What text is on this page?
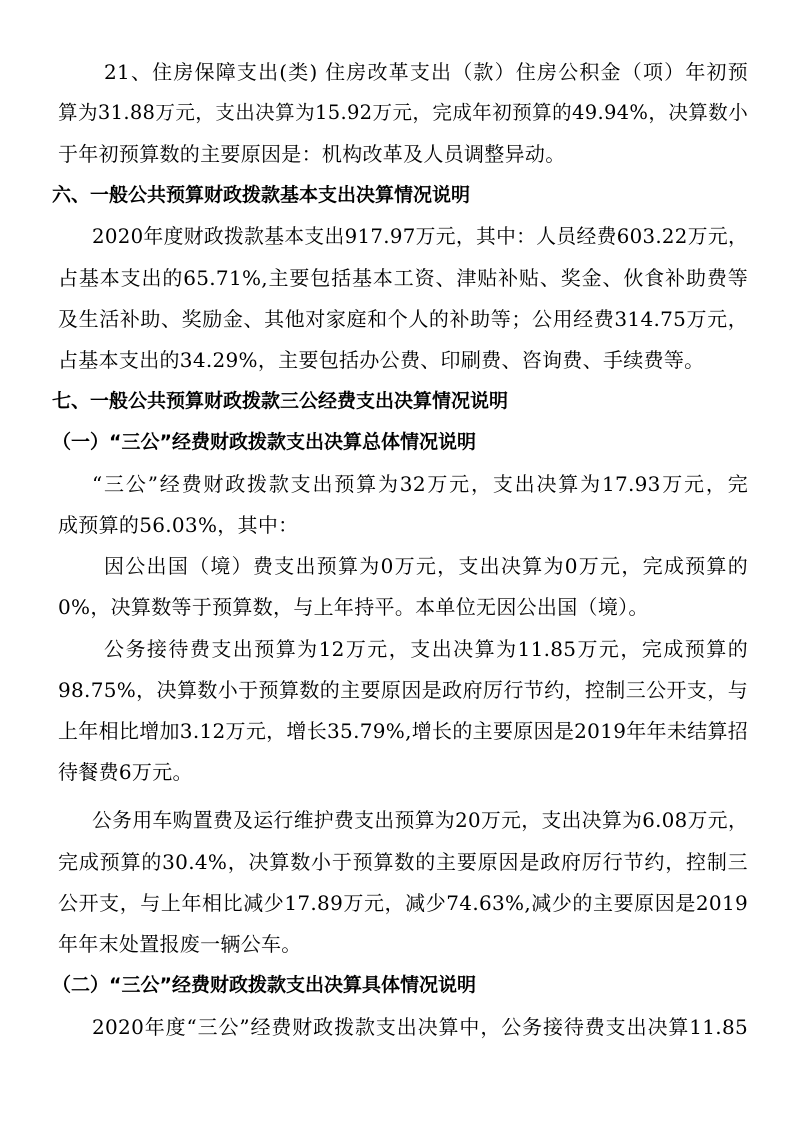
21、住房保障支出(类) 住房改革支出（款）住房公积金（项）年初预
算为31.88万元，支出决算为15.92万元，完成年初预算的49.94%，决算数小
于年初预算数的主要原因是：机构改革及人员调整异动。
六、一般公共预算财政拨款基本支出决算情况说明
2020年度财政拨款基本支出917.97万元，其中：人员经费603.22万元，
占基本支出的65.71%,主要包括基本工资、津贴补贴、奖金、伙食补助费等
及生活补助、奖励金、其他对家庭和个人的补助等；公用经费314.75万元，
占基本支出的34.29%，主要包括办公费、印刷费、咨询费、手续费等。
七、一般公共预算财政拨款三公经费支出决算情况说明
（一）“三公”经费财政拨款支出决算总体情况说明
“三公”经费财政拨款支出预算为32万元，支出决算为17.93万元，完
成预算的56.03%，其中：
因公出国（境）费支出预算为0万元，支出决算为0万元，完成预算的
0%，决算数等于预算数，与上年持平。本单位无因公出国（境）。
公务接待费支出预算为12万元，支出决算为11.85万元，完成预算的
98.75%，决算数小于预算数的主要原因是政府厉行节约，控制三公开支，与
上年相比增加3.12万元，增长35.79%,增长的主要原因是2019年年未结算招
待餐费6万元。
公务用车购置费及运行维护费支出预算为20万元，支出决算为6.08万元，
完成预算的30.4%，决算数小于预算数的主要原因是政府厉行节约，控制三
公开支，与上年相比减少17.89万元，减少74.63%,减少的主要原因是2019
年年末处置报废一辆公车。
（二）“三公”经费财政拨款支出决算具体情况说明
2020年度“三公”经费财政拨款支出决算中，公务接待费支出决算11.85
